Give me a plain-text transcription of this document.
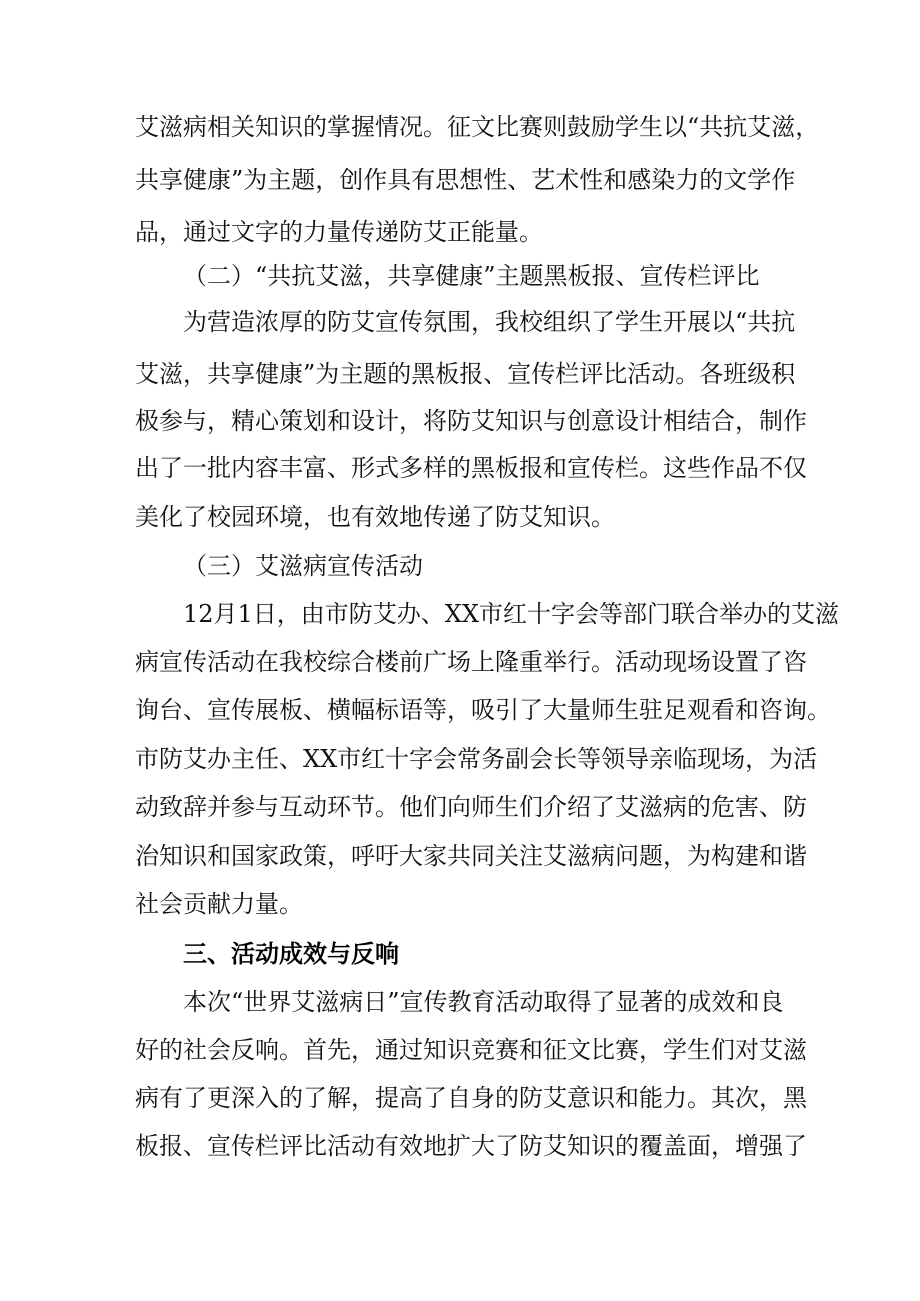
艾滋病相关知识的掌握情况。征文比赛则鼓励学生以“共抗艾滋，
共享健康”为主题，创作具有思想性、艺术性和感染力的文学作
品，通过文字的力量传递防艾正能量。
（二）“共抗艾滋，共享健康”主题黑板报、宣传栏评比
为营造浓厚的防艾宣传氛围，我校组织了学生开展以“共抗
艾滋，共享健康”为主题的黑板报、宣传栏评比活动。各班级积
极参与，精心策划和设计，将防艾知识与创意设计相结合，制作
出了一批内容丰富、形式多样的黑板报和宣传栏。这些作品不仅
美化了校园环境，也有效地传递了防艾知识。
（三）艾滋病宣传活动
12月1日，由市防艾办、XX市红十字会等部门联合举办的艾滋
病宣传活动在我校综合楼前广场上隆重举行。活动现场设置了咨
询台、宣传展板、横幅标语等，吸引了大量师生驻足观看和咨询。
市防艾办主任、XX市红十字会常务副会长等领导亲临现场，为活
动致辞并参与互动环节。他们向师生们介绍了艾滋病的危害、防
治知识和国家政策，呼吁大家共同关注艾滋病问题，为构建和谐
社会贡献力量。
三、活动成效与反响
本次“世界艾滋病日”宣传教育活动取得了显著的成效和良
好的社会反响。首先，通过知识竞赛和征文比赛，学生们对艾滋
病有了更深入的了解，提高了自身的防艾意识和能力。其次，黑
板报、宣传栏评比活动有效地扩大了防艾知识的覆盖面，增强了
